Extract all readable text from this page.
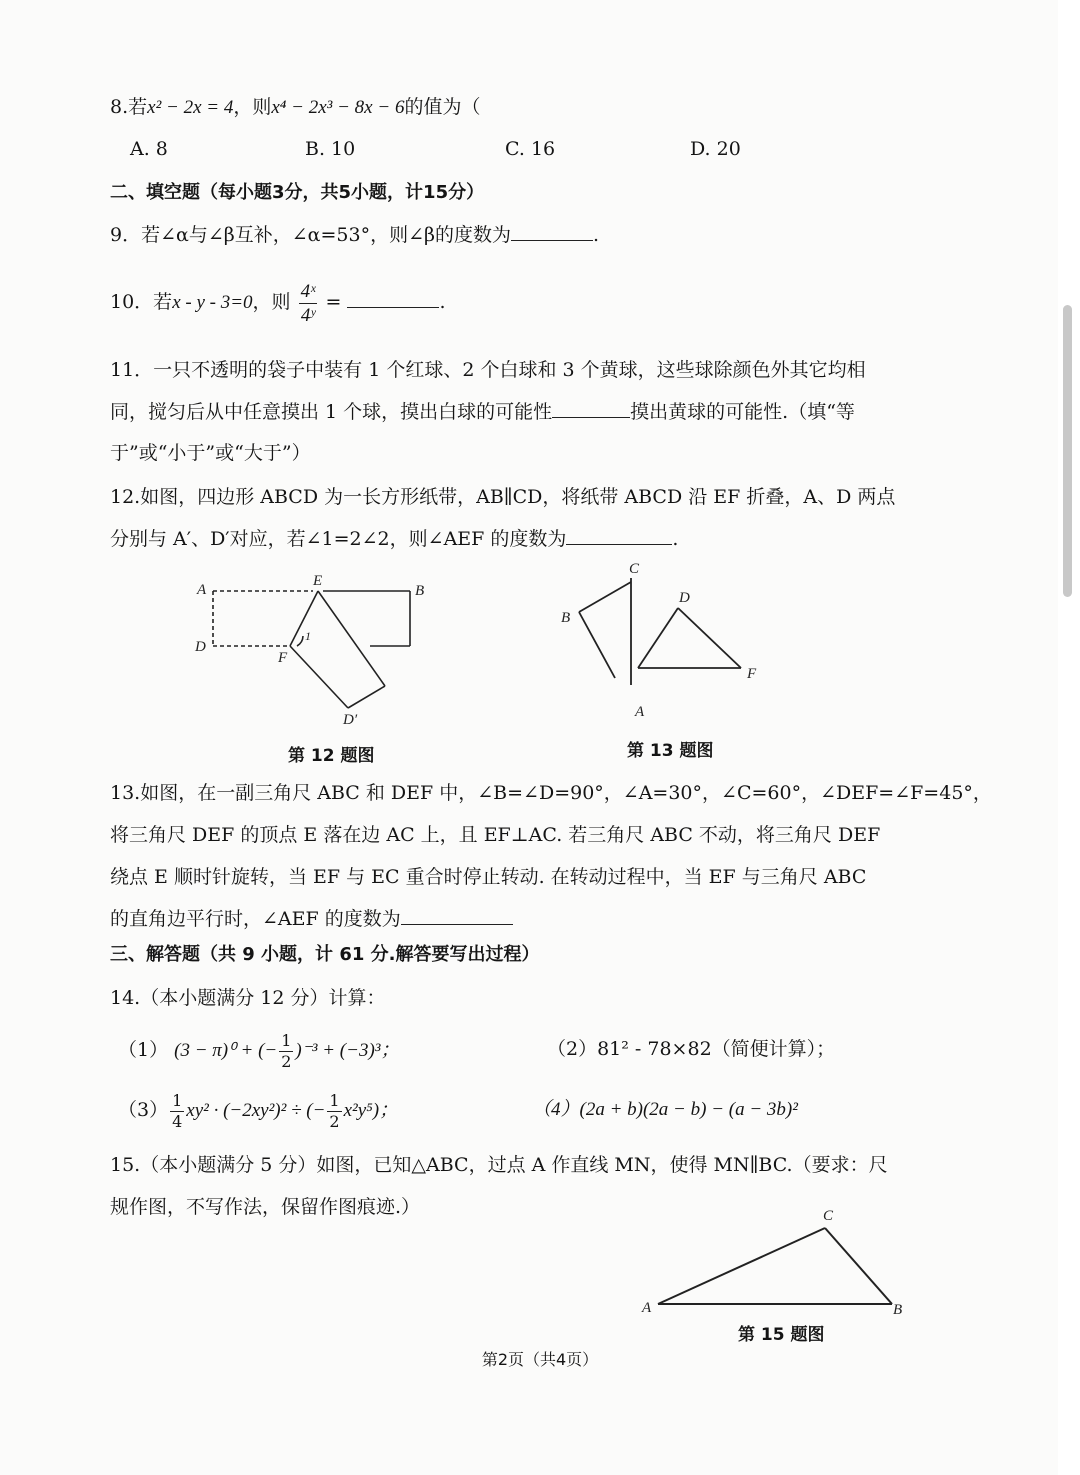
8.若x² − 2x = 4，则x⁴ − 2x³ − 8x − 6的值为（
A. 8	B. 10	C. 16	D. 20
二、填空题（每小题3分，共5小题，计15分）
9．若∠α与∠β互补，∠α=53°，则∠β的度数为	.
10．若x - y - 3=0，则 $\frac{\text{4ˣ}}{\text{4ʸ}}$ =	.
11．一只不透明的袋子中装有 1 个红球、2 个白球和 3 个黄球，这些球除颜色外其它均相
同，搅匀后从中任意摸出 1 个球，摸出白球的可能性	摸出黄球的可能性.（填“等
于”或“小于”或“大于”）
12.如图，四边形 ABCD 为一长方形纸带，AB∥CD，将纸带 ABCD 沿 EF 折叠，A、D 两点
分别与 A′、D′对应，若∠1=2∠2，则∠AEF 的度数为	.
A	B
D
E
F
D′
1
第 12 题图
C
B
D
F
A
第 13 题图
13.如图，在一副三角尺 ABC 和 DEF 中，∠B=∠D=90°，∠A=30°，∠C=60°，∠DEF=∠F=45°，
将三角尺 DEF 的顶点 E 落在边 AC 上，且 EF⊥AC. 若三角尺 ABC 不动，将三角尺 DEF
绕点 E 顺时针旋转，当 EF 与 EC 重合时停止转动. 在转动过程中，当 EF 与三角尺 ABC
的直角边平行时，∠AEF 的度数为
三、解答题（共 9 小题，计 61 分.解答要写出过程）
14.（本小题满分 12 分）计算：
（1） (3 − π)⁰ + (− $\frac{1}{2} )^{-3} + (-3)^3$；	（2）81² - 78×82（简便计算）；
$(3) \frac{1}{4} xy^2 \cdot (-2xy^2)^2$ ÷ (− $\frac{1}{2} x^2y^5$)；	（4）(2a + b)(2a − b) − (a − 3b)²
15.（本小题满分 5 分）如图，已知△ABC，过点 A 作直线 MN，使得 MN∥BC.（要求：尺
规作图，不写作法，保留作图痕迹.）
A	B
C
第 15 题图
第2页（共4页）
